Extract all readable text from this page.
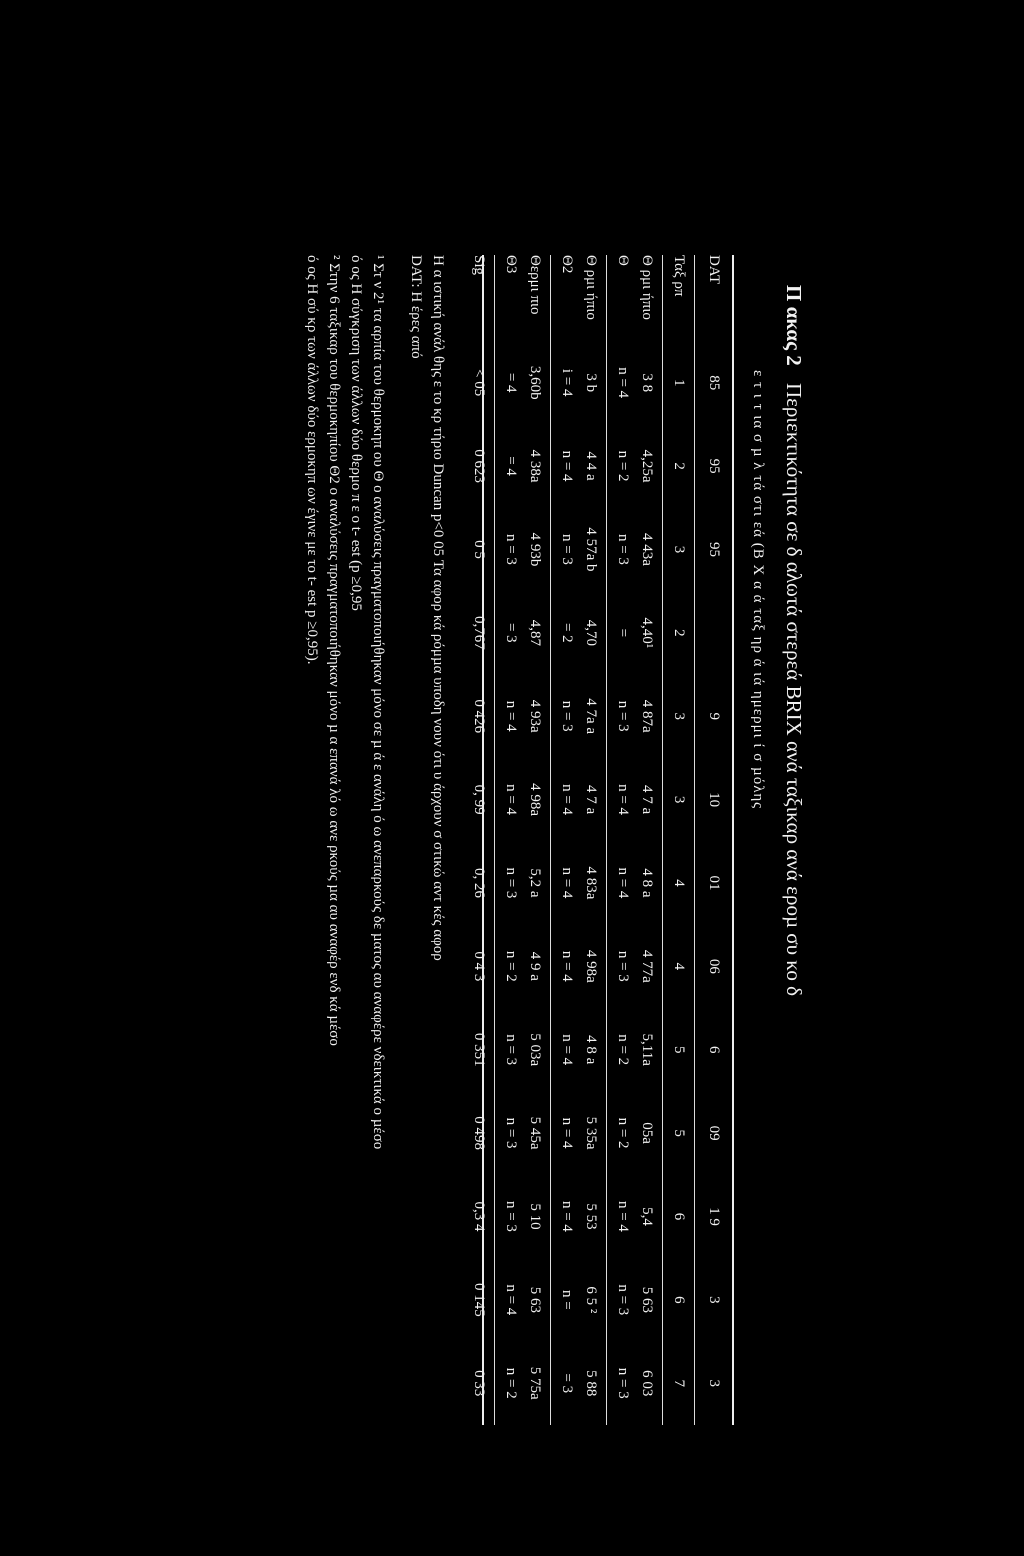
Π ακας 2 Περιεκτικότητα σε δ αλωτά στερεά BRIX ανά ταξικαρ ανά εροµ συ κο δ
ε τ ι τ ια σ µ λ τά στι εά (Β Χ α ά ταξ ηρ ά ιά ημερμι ί σ µόλης
DAT	85	95	95		9	10	01	06	6	09	1 9	3	3

Ταξ ρπ	1	2	3	2	3	3	4	4	5	5	6	6	7

Θ ρμι ήπιο	3 8	4,25a	4 43a	4,40¹	4 87a	4 7 a	4 8 a	4 77a	5,11a	05a	5,4	5 63	6 03
Θ	n = 4	n = 2	n = 3	=	n = 3	n = 4	n = 4	n = 3	n = 2	n = 2	n = 4	n = 3	n = 3

Θ ρμι ήπιο	3 b	4 4 a	4 57a b	4,70	4 7a a	4 7 a	4 83a	4 98a	4 8 a	5 35a	5 53	6 5 ²	5 88
Θ2	i = 4	n = 4	n = 3	= 2	n = 3	n = 4	n = 4	n = 4	n = 4	n = 4	n = 4	n =	= 3

Θερμι πιο	3,60b	4 38a	4 93b	4,87	4 93a	4 98a	5,2 a	4 9 a	5 03a	5 45a	5 10	5 63	5 75a
Θ3	= 4	= 4	n = 3	= 3	n = 4	n = 4	n = 3	n = 2	n = 3	n = 3	n = 3	n = 4	n = 2

Sig	< 05	0 623	0 5	0,767	0 426	0, 99	0, 26	0 4 3	0 351	0 498	0,3 4	0 145	0 33

Η α ιστική ανάλ θης ε το κρ τήριο Duncan p<0 05 Τα αφορ κά ρόμµα υποδη νουν ότι υ άρχουν σ στικώ αντ κές αφορ

DAT: Η έρες από

¹ Στ ν 2¹ τα αρπία του θερμοκηπ ου Θ ο αναλύσεις πραγματοποιήθηκαν μόνο σε µ ά ε ανάλη ό ω ανεπαρκούς δε µατος αυ αναφέρε νδεικτικά ο µέσο

ό ος Η σύγκριση των άλλων δύο θερμο π ε ο t- est (p ≥0,95

² Στην 6 ταξικαρ του θερμοκηπίου Θ2 ο αναλύσεις πραγματοποιήθηκαν μόνο µ α επανά λό ω ανε ρκούς µα αυ αναφέρ ενδ κά µέσο

ό ος Η σύ κρ των άλλων δύο ερμοκηπ ων έγινε με το t- est p ≥0,95).
